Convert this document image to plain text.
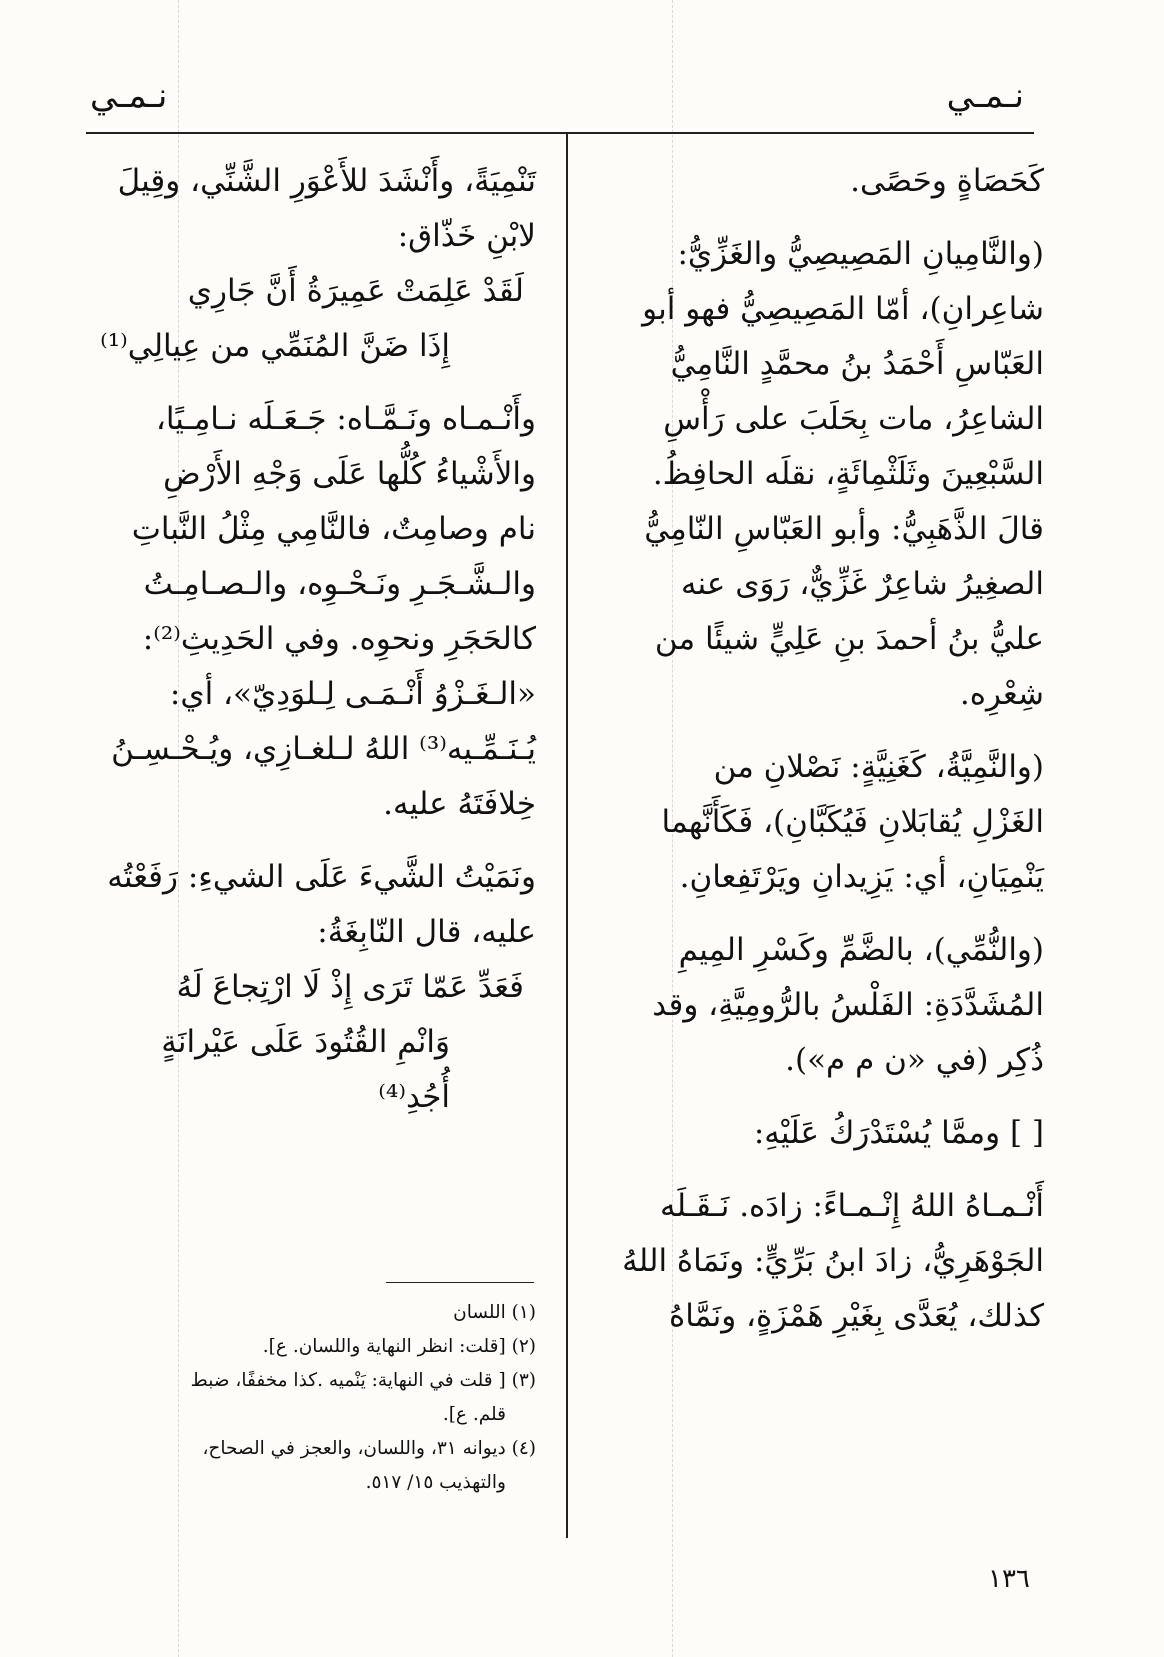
نـمـي
نـمـي

كَحَصَاةٍ وحَصًى.

(والنَّامِيانِ المَصِيصِيُّ والغَزِّيُّ:

شاعِرانِ)، أمّا المَصِيصِيُّ فهو أبو

العَبّاسِ أَحْمَدُ بنُ محمَّدٍ النَّامِيُّ

الشاعِرُ، مات بِحَلَبَ على رَأْسِ

السَّبْعِينَ وثَلَثْمِائَةٍ، نقلَه الحافِظُ.

قالَ الذَّهَبِيُّ: وأبو العَبّاسِ النّامِيُّ

الصغِيرُ شاعِرٌ غَزِّيٌّ، رَوَى عنه

عليُّ بنُ أحمدَ بنِ عَلِيٍّ شيئًا من

شِعْرِه.

(والنَّمِيَّةُ، كَغَنِيَّةٍ: نَصْلانِ من

الغَزْلِ يُقابَلانِ فَيُكَبَّانِ)، فَكَأَنَّهما

يَنْمِيَانِ، أي: يَزِيدانِ ويَرْتَفِعانِ.

(والنُّمِّي)، بالضَّمِّ وكَسْرِ المِيمِ

المُشَدَّدَةِ: الفَلْسُ بالرُّومِيَّةِ، وقد

ذُكِر (في «ن م م»).

[ ] وممَّا يُسْتَدْرَكُ عَلَيْهِ:

أَنْـمـاهُ اللهُ إِنْـمـاءً: زادَه. نَـقَـلَه

الجَوْهَرِيُّ، زادَ ابنُ بَرِّيٍّ: ونَمَاهُ اللهُ

كذلك، يُعَدَّى بِغَيْرِ هَمْزَةٍ، ونَمَّاهُ

تَنْمِيَةً، وأَنْشَدَ للأَعْوَرِ الشَّنِّي، وقِيلَ

لابْنِ خَذّاق:

لَقَدْ عَلِمَتْ عَمِيرَةُ أَنَّ جَارِي

إِذَا ضَنَّ المُنَمِّي من عِيالِي⁽¹⁾

وأَنْـمـاه ونَـمَّـاه: جَـعَـلَه نـامِـيًا،

والأَشْياءُ كُلُّها عَلَى وَجْهِ الأَرْضِ

نام وصامِتٌ، فالنَّامِي مِثْلُ النَّباتِ

والـشَّـجَـرِ ونَـحْـوِه، والـصـامِـتُ

كالحَجَرِ ونحوِه. وفي الحَدِيثِ⁽²⁾:

«الـغَـزْوُ أَنْـمَـى لِـلوَدِيّ»، أي:

يُـنَـمِّـيه⁽³⁾ اللهُ لـلغـازِي، ويُـحْـسِـنُ

خِلافَتَهُ عليه.

ونَمَيْتُ الشَّيءَ عَلَى الشيءِ: رَفَعْتُه

عليه، قال النّابِغَةُ:

فَعَدِّ عَمّا تَرَى إِذْ لَا ارْتِجاعَ لَهُ

وَانْمِ القُتُودَ عَلَى عَيْرانَةٍ أُجُدِ⁽⁴⁾

(١) اللسان

(٢) [قلت: انظر النهاية واللسان. ع].

(٣) [ قلت في النهاية: يَنْميه .كذا مخففًا، ضبط

قلم. ع].

(٤) ديوانه ٣١، واللسان، والعجز في الصحاح،

والتهذيب ١٥/ ٥١٧.

١٣٦
